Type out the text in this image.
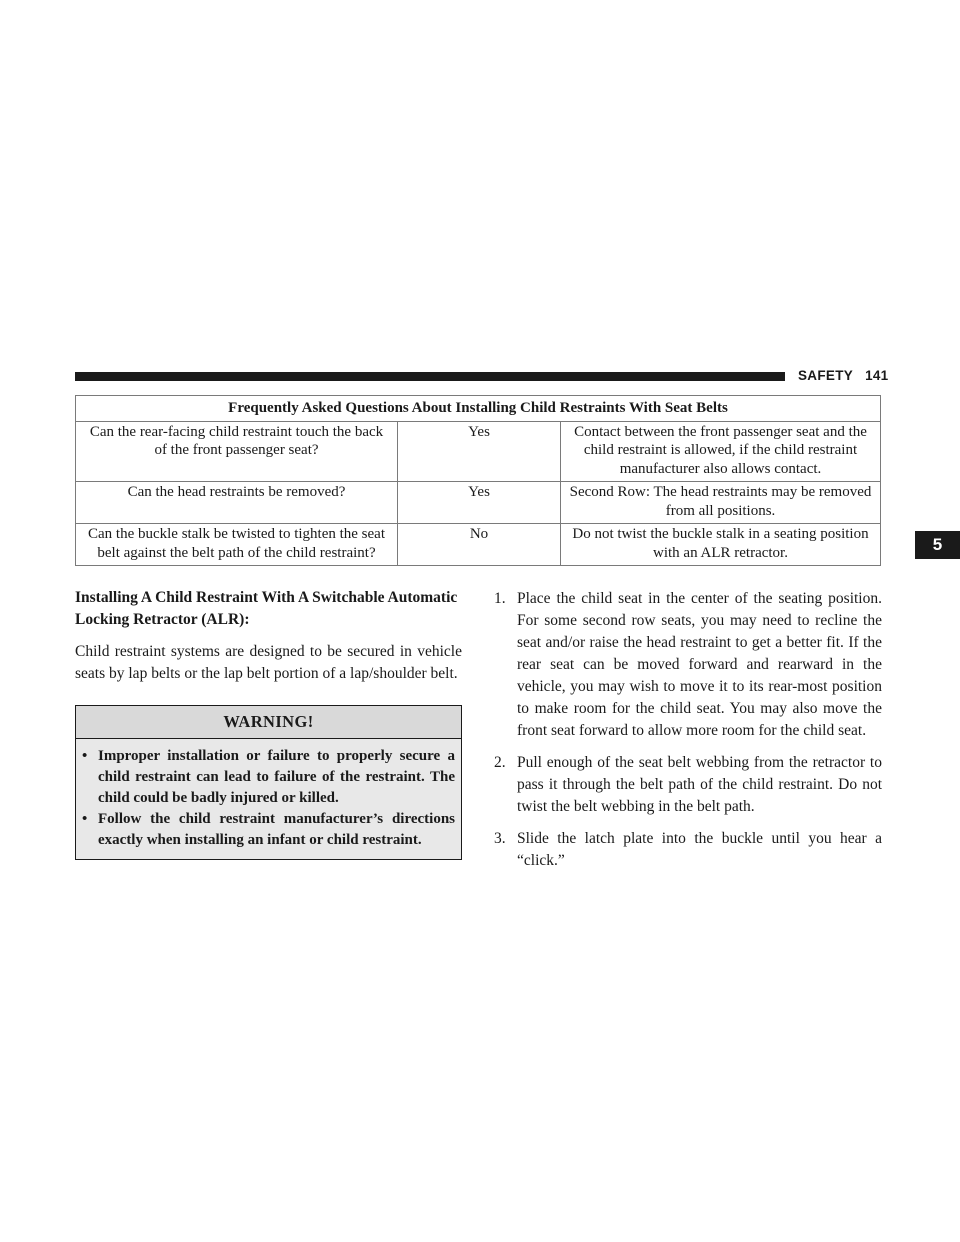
SAFETY 141
5
Frequently Asked Questions About Installing Child Restraints With Seat Belts		
Can the rear-facing child restraint touch the back of the front passenger seat?	Yes	Contact between the front passenger seat and the child restraint is allowed, if the child restraint manufacturer also allows contact.
Can the head restraints be removed?	Yes	Second Row: The head restraints may be removed from all positions.
Can the buckle stalk be twisted to tighten the seat belt against the belt path of the child restraint?	No	Do not twist the buckle stalk in a seating position with an ALR retractor.

Installing A Child Restraint With A Switchable Automatic Locking Retractor (ALR):

Child restraint systems are designed to be secured in vehicle seats by lap belts or the lap belt portion of a lap/shoulder belt.

WARNING!
• Improper installation or failure to properly secure a child restraint can lead to failure of the restraint. The child could be badly injured or killed.
• Follow the child restraint manufacturer’s directions exactly when installing an infant or child restraint.

1. Place the child seat in the center of the seating position. For some second row seats, you may need to recline the seat and/or raise the head restraint to get a better fit. If the rear seat can be moved forward and rearward in the vehicle, you may wish to move it to its rear-most position to make room for the child seat. You may also move the front seat forward to allow more room for the child seat.

2. Pull enough of the seat belt webbing from the retractor to pass it through the belt path of the child restraint. Do not twist the belt webbing in the belt path.

3. Slide the latch plate into the buckle until you hear a “click.”
